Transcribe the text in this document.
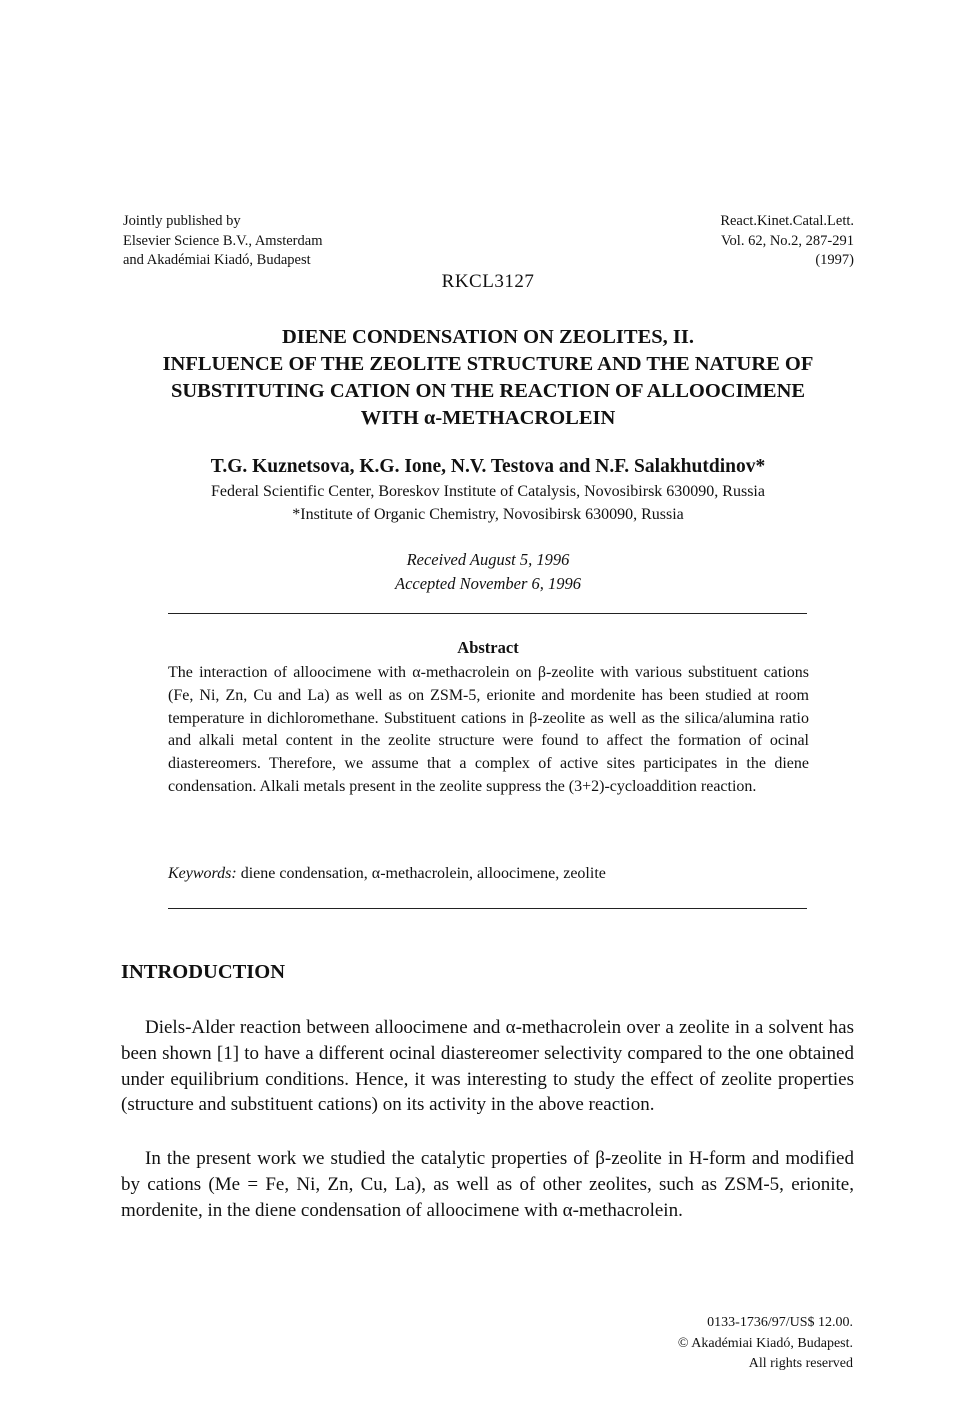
Jointly published by
Elsevier Science B.V., Amsterdam
and Akadémiai Kiadó, Budapest
React.Kinet.Catal.Lett.
Vol. 62, No.2, 287-291
(1997)
RKCL3127
DIENE CONDENSATION ON ZEOLITES, II.
INFLUENCE OF THE ZEOLITE STRUCTURE AND THE NATURE OF
SUBSTITUTING CATION ON THE REACTION OF ALLOOCIMENE
WITH α-METHACROLEIN
T.G. Kuznetsova, K.G. Ione, N.V. Testova and N.F. Salakhutdinov*
Federal Scientific Center, Boreskov Institute of Catalysis, Novosibirsk 630090, Russia
*Institute of Organic Chemistry, Novosibirsk 630090, Russia
Received August 5, 1996
Accepted November 6, 1996
Abstract
The interaction of alloocimene with α-methacrolein on β-zeolite with various substituent cations (Fe, Ni, Zn, Cu and La) as well as on ZSM-5, erionite and mordenite has been studied at room temperature in dichloromethane. Substituent cations in β-zeolite as well as the silica/alumina ratio and alkali metal content in the zeolite structure were found to affect the formation of ocinal diastereomers. Therefore, we assume that a complex of active sites participates in the diene condensation. Alkali metals present in the zeolite suppress the (3+2)-cycloaddition reaction.
Keywords: diene condensation, α-methacrolein, alloocimene, zeolite
INTRODUCTION

Diels-Alder reaction between alloocimene and α-methacrolein over a zeolite in a solvent has been shown [1] to have a different ocinal diastereomer selectivity compared to the one obtained under equilibrium conditions. Hence, it was interesting to study the effect of zeolite properties (structure and substituent cations) on its activity in the above reaction.

In the present work we studied the catalytic properties of β-zeolite in H-form and modified by cations (Me = Fe, Ni, Zn, Cu, La), as well as of other zeolites, such as ZSM-5, erionite, mordenite, in the diene condensation of alloocimene with α-methacrolein.

0133-1736/97/US$ 12.00.
© Akadémiai Kiadó, Budapest.
All rights reserved
